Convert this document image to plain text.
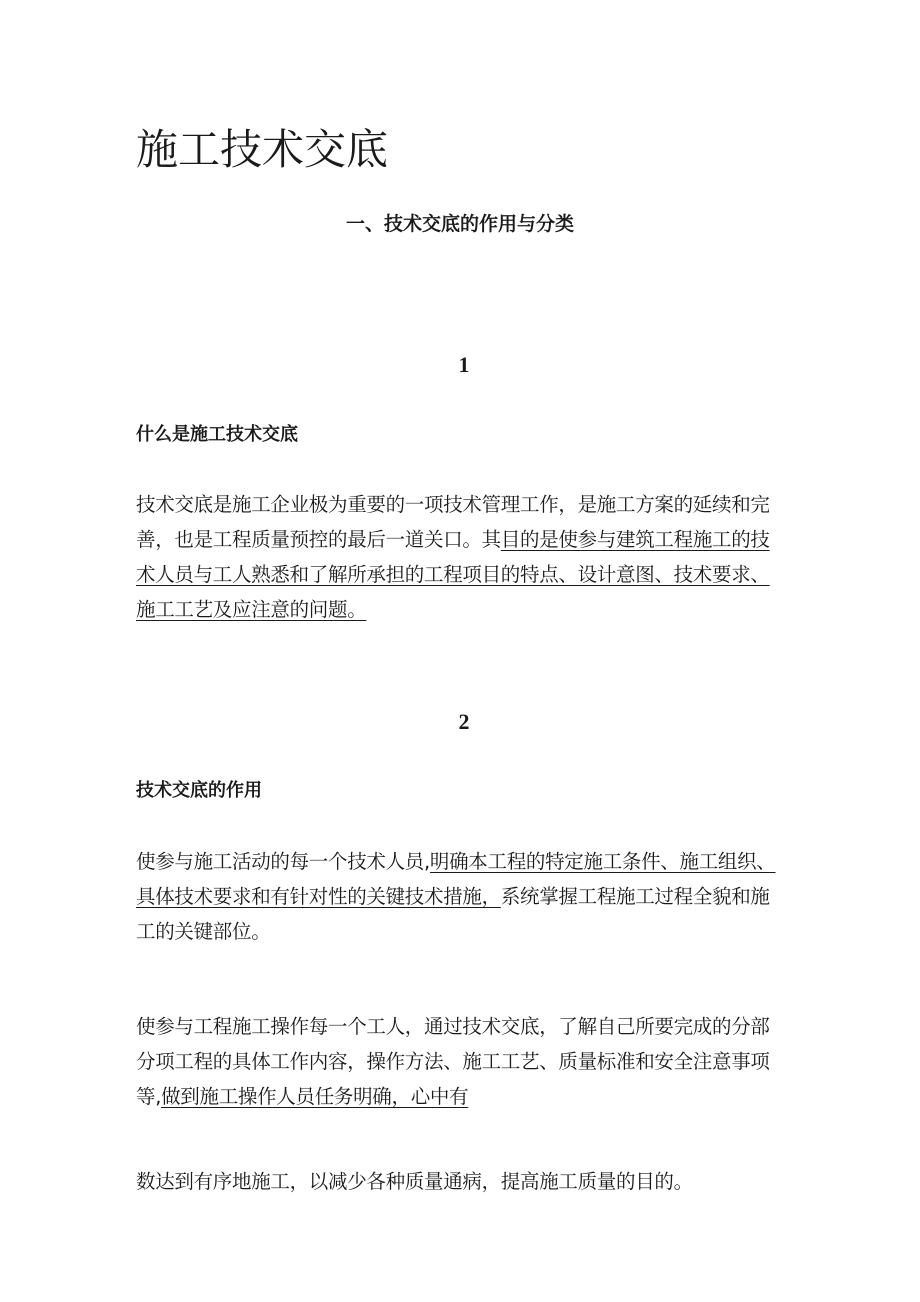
施工技术交底
一、技术交底的作用与分类
1
什么是施工技术交底

技术交底是施工企业极为重要的一项技术管理工作，是施工方案的延续和完善，也是工程质量预控的最后一道关口。其目的是使参与建筑工程施工的技术人员与工人熟悉和了解所承担的工程项目的特点、设计意图、技术要求、施工工艺及应注意的问题。

2
技术交底的作用

使参与施工活动的每一个技术人员,明确本工程的特定施工条件、施工组织、具体技术要求和有针对性的关键技术措施，系统掌握工程施工过程全貌和施工的关键部位。

使参与工程施工操作每一个工人，通过技术交底，了解自己所要完成的分部分项工程的具体工作内容，操作方法、施工工艺、质量标准和安全注意事项等,做到施工操作人员任务明确，心中有

数达到有序地施工，以减少各种质量通病，提高施工质量的目的。
